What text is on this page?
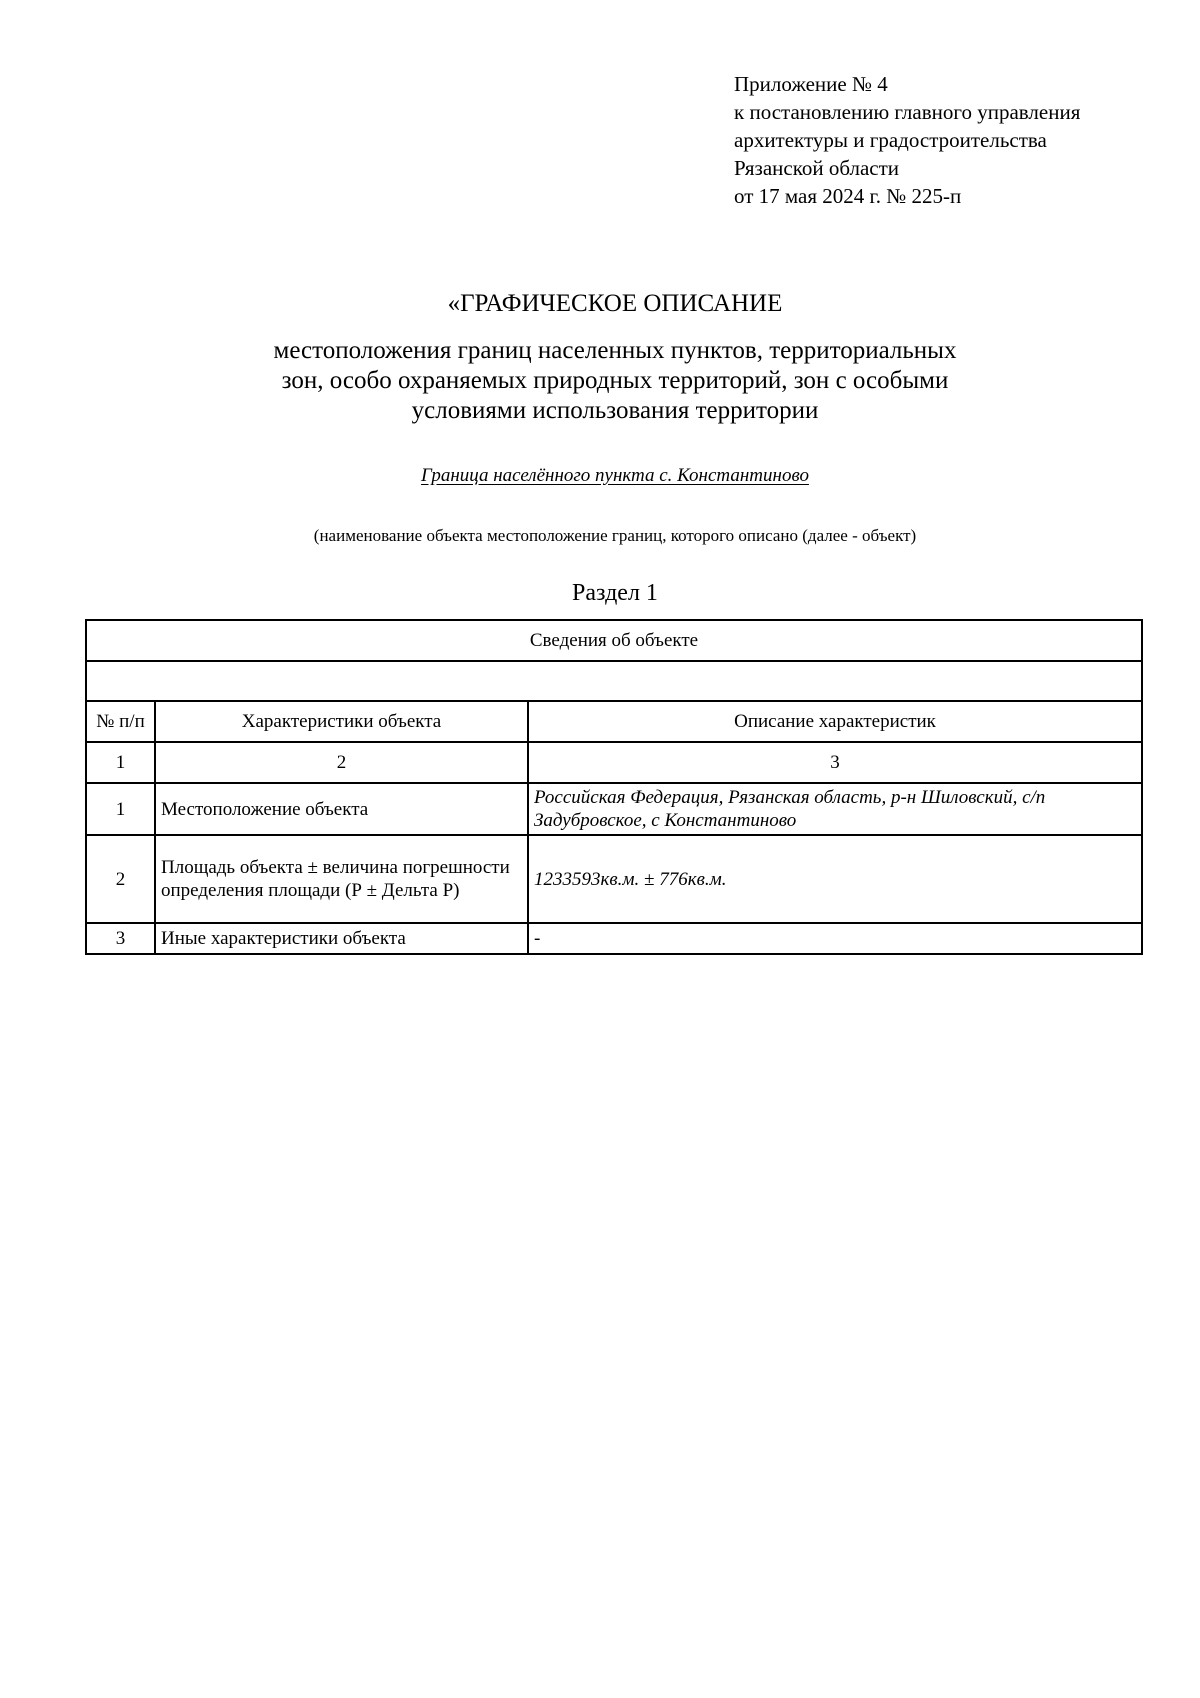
Приложение № 4
к постановлению главного управления
архитектуры и градостроительства
Рязанской области
от 17 мая 2024 г. № 225-п
«ГРАФИЧЕСКОЕ ОПИСАНИЕ
местоположения границ населенных пунктов, территориальных
зон, особо охраняемых природных территорий, зон с особыми
условиями использования территории
Граница населённого пункта с. Константиново
(наименование объекта местоположение границ, которого описано (далее - объект)
Раздел 1
Сведения об объекте		

№ п/п	Характеристики объекта	Описание характеристик
1	2	3
1	Местоположение объекта	Российская Федерация, Рязанская область, р-н Шиловский, с/п Задубровское, с Константиново
2	Площадь объекта ± величина погрешности определения площади (Р ± Дельта Р)	1233593кв.м. ± 776кв.м.
3	Иные характеристики объекта	-
